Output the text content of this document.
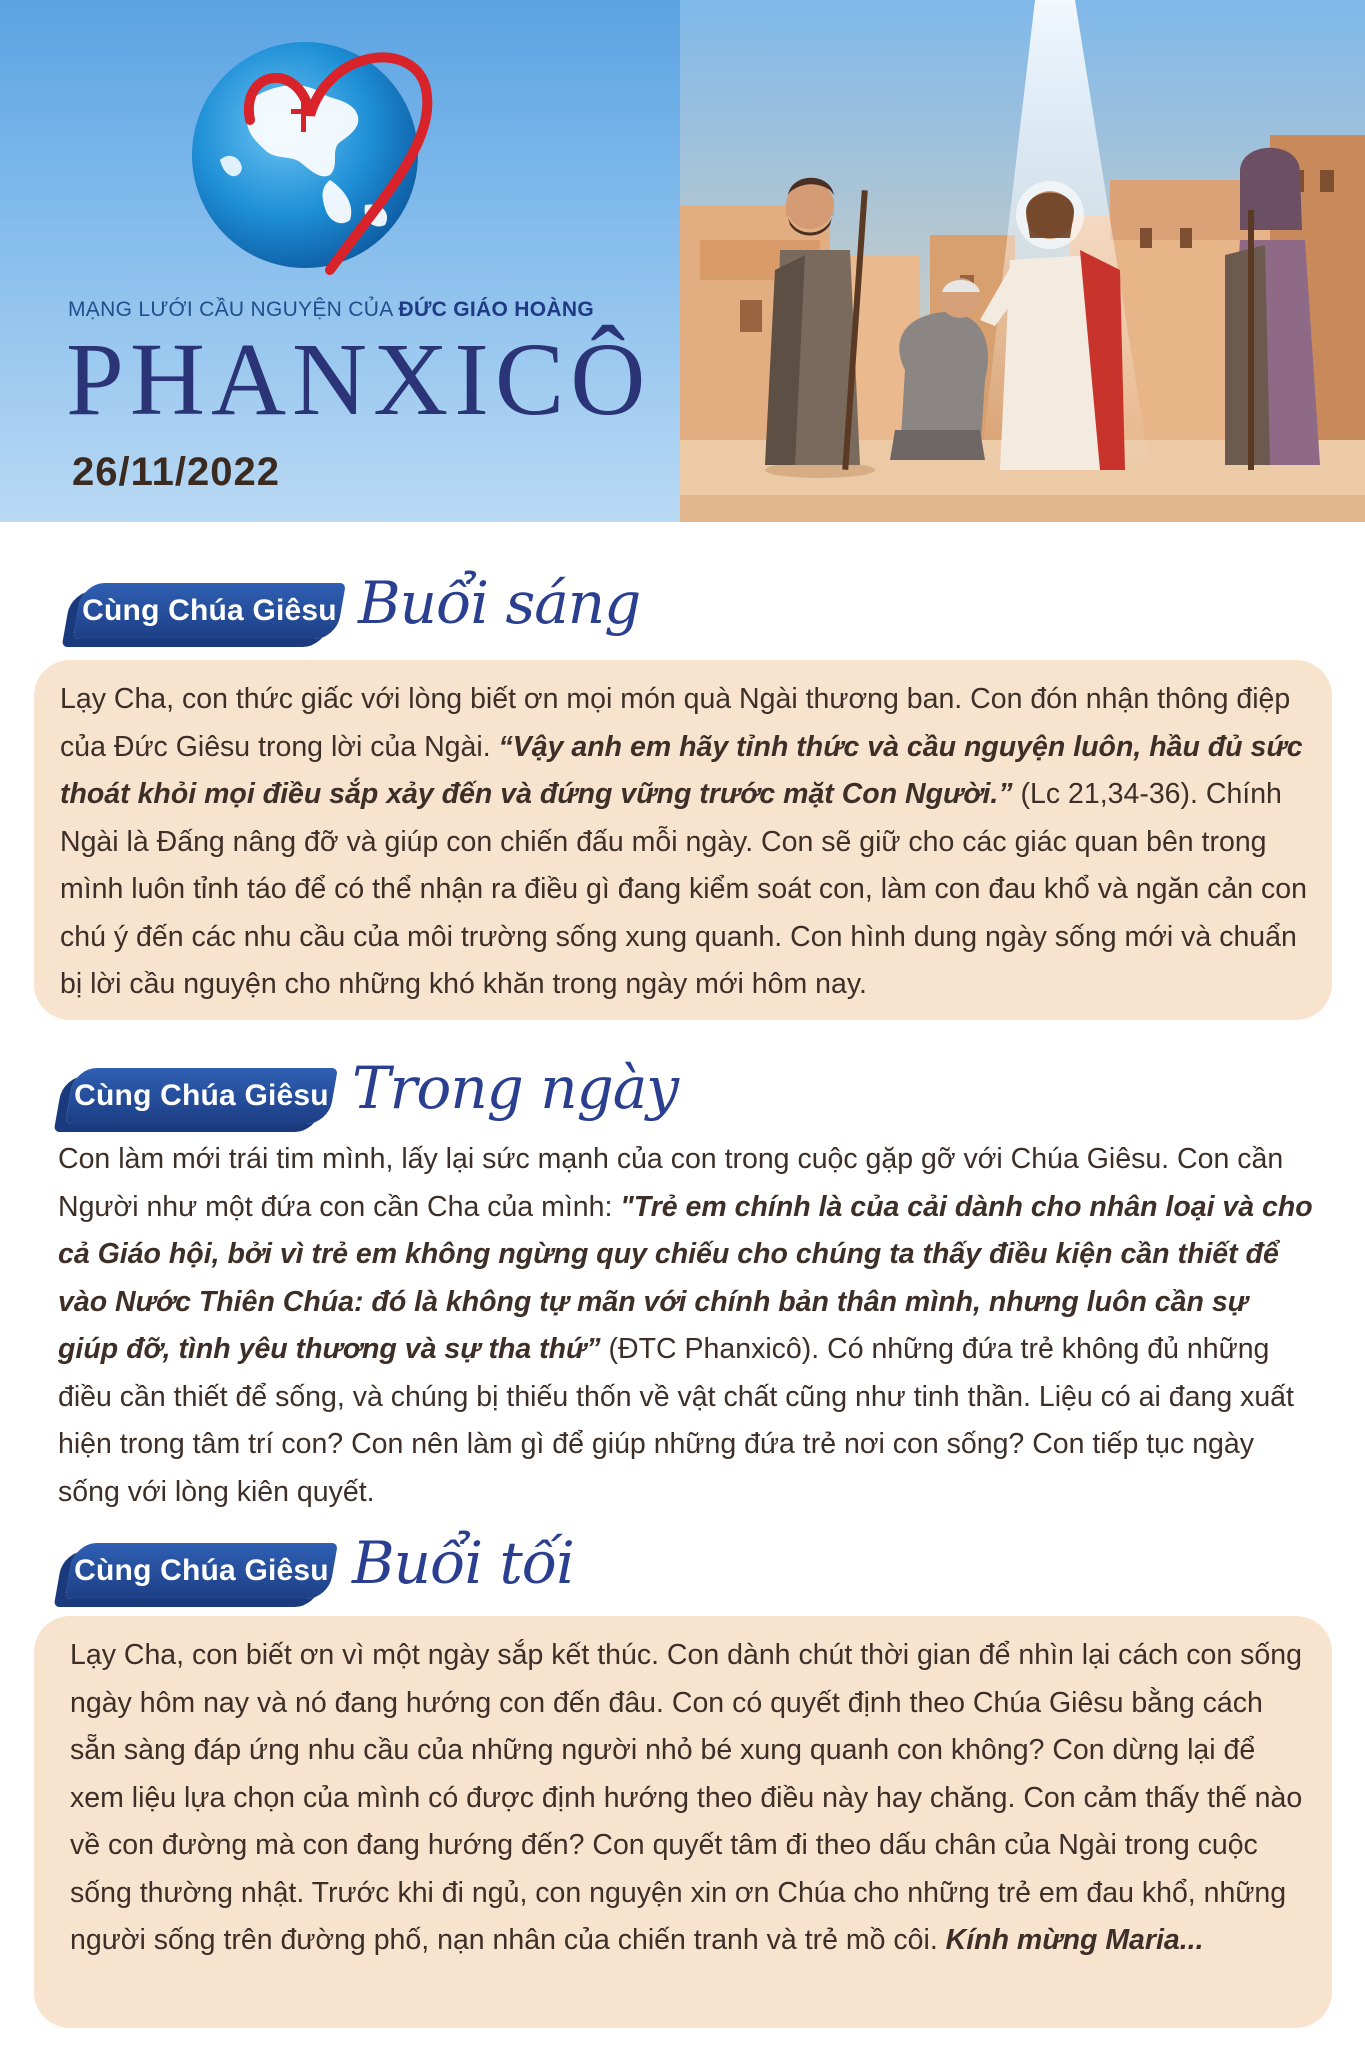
MẠNG LƯỚI CẦU NGUYỆN CỦA ĐỨC GIÁO HOÀNG
PHANXICÔ
26/11/2022
Cùng Chúa Giêsu Buổi sáng
Lạy Cha, con thức giấc với lòng biết ơn mọi món quà Ngài thương ban. Con đón nhận thông điệp của Đức Giêsu trong lời của Ngài. “Vậy anh em hãy tỉnh thức và cầu nguyện luôn, hầu đủ sức thoát khỏi mọi điều sắp xảy đến và đứng vững trước mặt Con Người.” (Lc 21,34-36). Chính Ngài là Đấng nâng đỡ và giúp con chiến đấu mỗi ngày. Con sẽ giữ cho các giác quan bên trong mình luôn tỉnh táo để có thể nhận ra điều gì đang kiểm soát con, làm con đau khổ và ngăn cản con chú ý đến các nhu cầu của môi trường sống xung quanh. Con hình dung ngày sống mới và chuẩn bị lời cầu nguyện cho những khó khăn trong ngày mới hôm nay.
Cùng Chúa Giêsu Trong ngày
Con làm mới trái tim mình, lấy lại sức mạnh của con trong cuộc gặp gỡ với Chúa Giêsu. Con cần Người như một đứa con cần Cha của mình: "Trẻ em chính là của cải dành cho nhân loại và cho cả Giáo hội, bởi vì trẻ em không ngừng quy chiếu cho chúng ta thấy điều kiện cần thiết để vào Nước Thiên Chúa: đó là không tự mãn với chính bản thân mình, nhưng luôn cần sự giúp đỡ, tình yêu thương và sự tha thứ” (ĐTC Phanxicô). Có những đứa trẻ không đủ những điều cần thiết để sống, và chúng bị thiếu thốn về vật chất cũng như tinh thần. Liệu có ai đang xuất hiện trong tâm trí con? Con nên làm gì để giúp những đứa trẻ nơi con sống? Con tiếp tục ngày sống với lòng kiên quyết.
Cùng Chúa Giêsu Buổi tối
Lạy Cha, con biết ơn vì một ngày sắp kết thúc. Con dành chút thời gian để nhìn lại cách con sống ngày hôm nay và nó đang hướng con đến đâu. Con có quyết định theo Chúa Giêsu bằng cách sẵn sàng đáp ứng nhu cầu của những người nhỏ bé xung quanh con không? Con dừng lại để xem liệu lựa chọn của mình có được định hướng theo điều này hay chăng. Con cảm thấy thế nào về con đường mà con đang hướng đến? Con quyết tâm đi theo dấu chân của Ngài trong cuộc sống thường nhật. Trước khi đi ngủ, con nguyện xin ơn Chúa cho những trẻ em đau khổ, những người sống trên đường phố, nạn nhân của chiến tranh và trẻ mồ côi. Kính mừng Maria...
